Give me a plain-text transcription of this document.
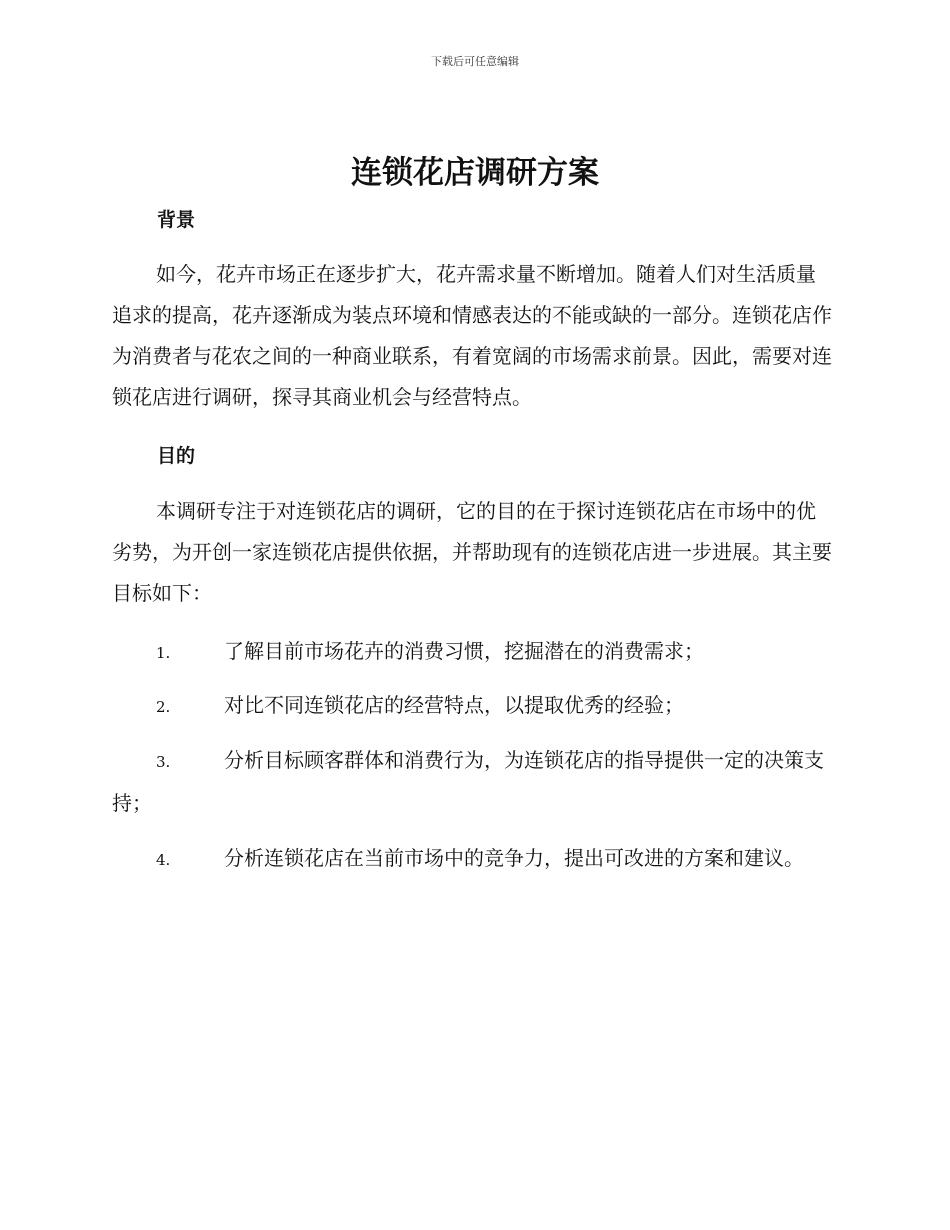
下载后可任意编辑
连锁花店调研方案
背景

如今，花卉市场正在逐步扩大，花卉需求量不断增加。随着人们对生活质量追求的提高，花卉逐渐成为装点环境和情感表达的不能或缺的一部分。连锁花店作为消费者与花农之间的一种商业联系，有着宽阔的市场需求前景。因此，需要对连锁花店进行调研，探寻其商业机会与经营特点。

目的

本调研专注于对连锁花店的调研，它的目的在于探讨连锁花店在市场中的优劣势，为开创一家连锁花店提供依据，并帮助现有的连锁花店进一步进展。其主要目标如下：

1.	了解目前市场花卉的消费习惯，挖掘潜在的消费需求；

2.	对比不同连锁花店的经营特点，以提取优秀的经验；

3.	分析目标顾客群体和消费行为，为连锁花店的指导提供一定的决策支持；

4.	分析连锁花店在当前市场中的竞争力，提出可改进的方案和建议。
